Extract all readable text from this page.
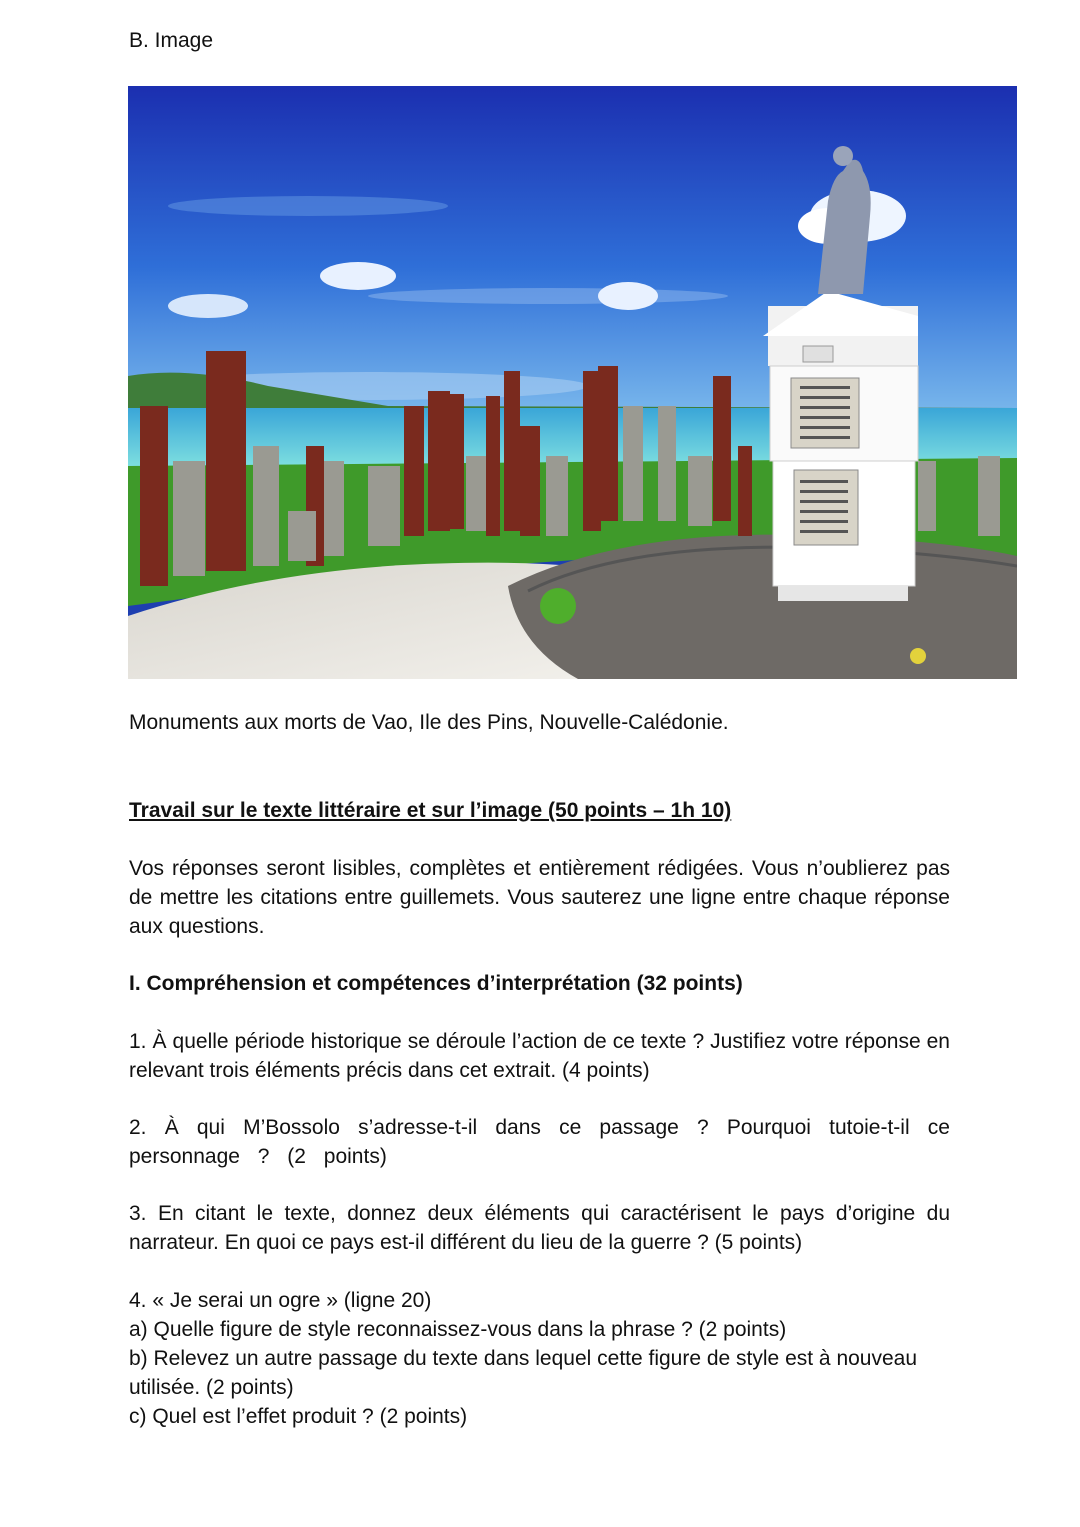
B. Image
Monuments aux morts de Vao, Ile des Pins, Nouvelle-Calédonie.
Travail sur le texte littéraire et sur l’image (50 points – 1h 10)
Vos réponses seront lisibles, complètes et entièrement rédigées. Vous n’oublierez pas de mettre les citations entre guillemets. Vous sauterez une ligne entre chaque réponse aux questions.
I. Compréhension et compétences d’interprétation (32 points)
1. À quelle période historique se déroule l’action de ce texte ? Justifiez votre réponse en relevant trois éléments précis dans cet extrait. (4 points)
2. À qui M’Bossolo s’adresse-t-il dans ce passage ? Pourquoi tutoie-t-il ce personnage ? (2 points)
3. En citant le texte, donnez deux éléments qui caractérisent le pays d’origine du narrateur. En quoi ce pays est-il différent du lieu de la guerre ? (5 points)
4. « Je serai un ogre » (ligne 20)
a) Quelle figure de style reconnaissez-vous dans la phrase ? (2 points)
b) Relevez un autre passage du texte dans lequel cette figure de style est à nouveau utilisée. (2 points)
c) Quel est l’effet produit ? (2 points)
